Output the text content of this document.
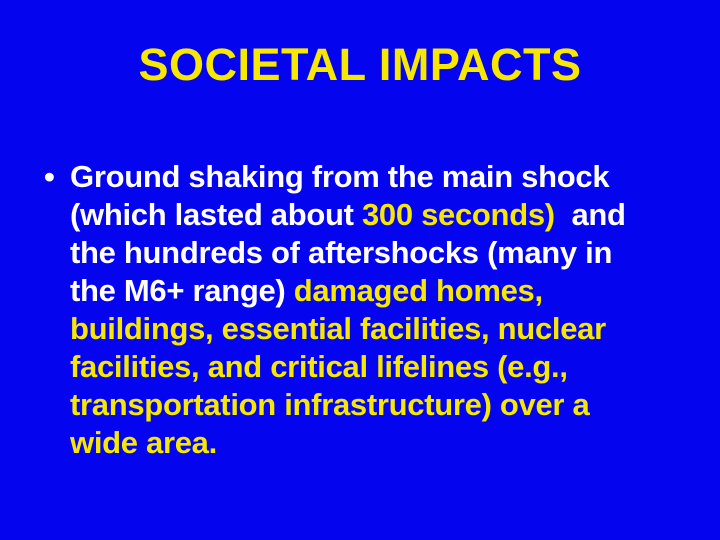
SOCIETAL IMPACTS
• Ground shaking from the main shock
(which lasted about 300 seconds)  and
the hundreds of aftershocks (many in
the M6+ range) damaged homes,
buildings, essential facilities, nuclear
facilities, and critical lifelines (e.g.,
transportation infrastructure) over a
wide area.
